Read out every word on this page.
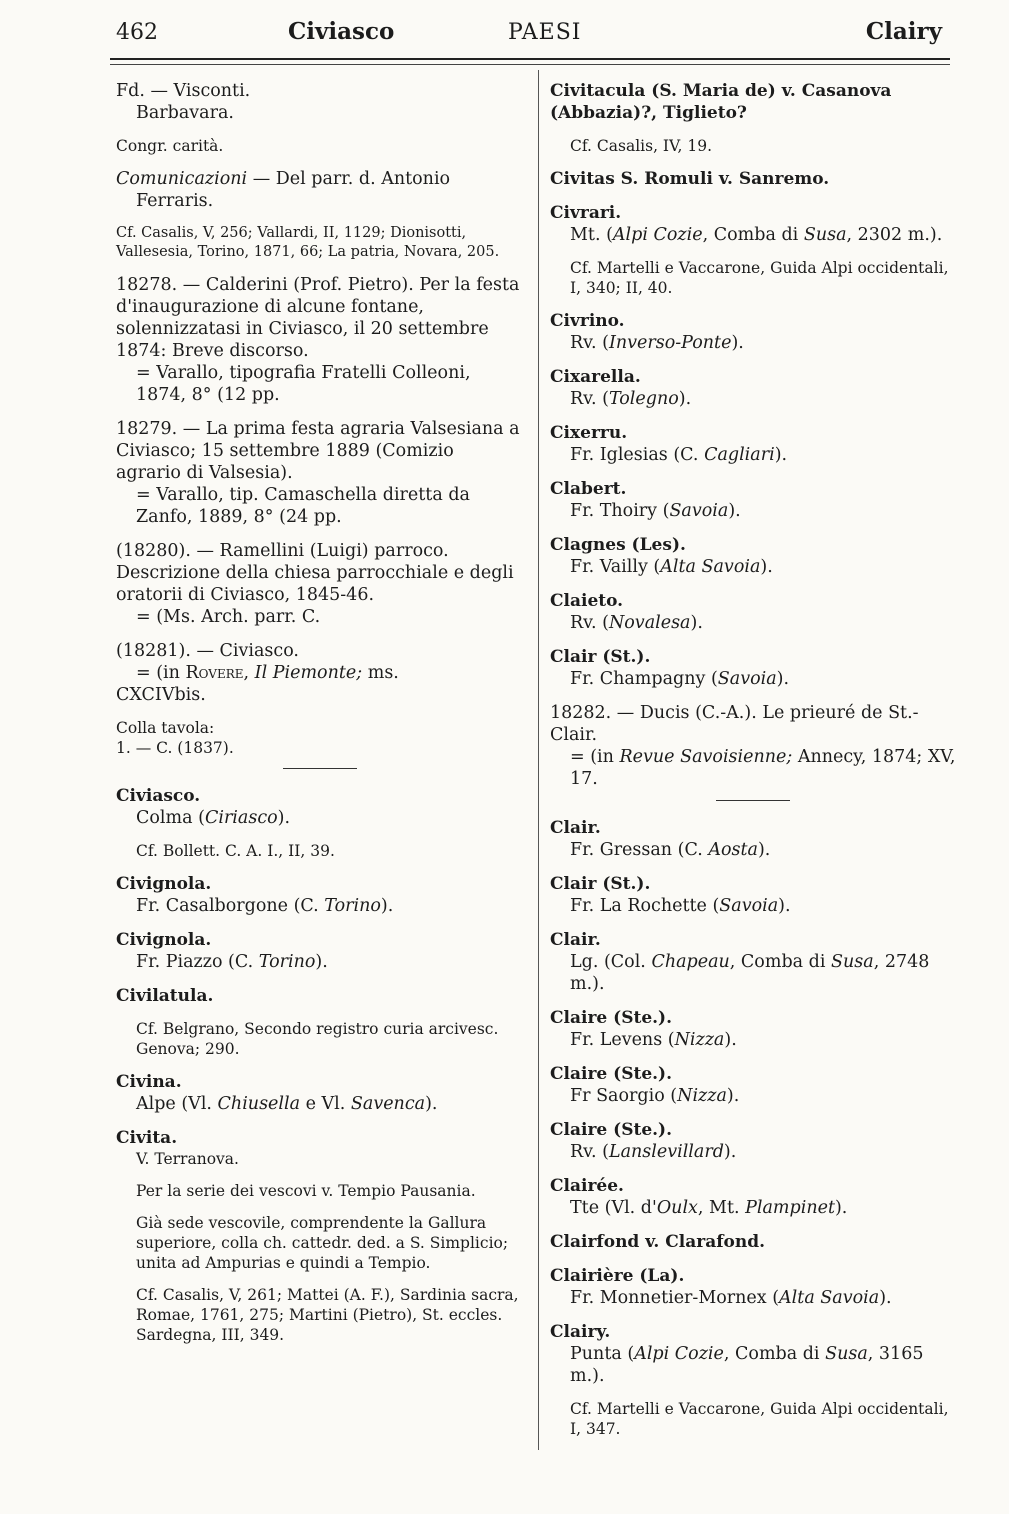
462	Civiasco	PAESI	Clairy
Fd. — Visconti.
Barbavara.
Congr. carità.
Comunicazioni — Del parr. d. Antonio
Ferraris.
Cf. Casalis, V, 256; Vallardi, II, 1129; Dionisotti, Vallesesia, Torino, 1871, 66; La patria, Novara, 205.
18278. — Calderini (Prof. Pietro). Per la festa d'inaugurazione di alcune fontane, solennizzatasi in Civiasco, il 20 settembre 1874: Breve discorso.
= Varallo, tipografia Fratelli Colleoni, 1874, 8° (12 pp.
18279. — La prima festa agraria Valsesiana a Civiasco; 15 settembre 1889 (Comizio agrario di Valsesia).
= Varallo, tip. Camaschella diretta da Zanfo, 1889, 8° (24 pp.
(18280). — Ramellini (Luigi) parroco. Descrizione della chiesa parrocchiale e degli oratorii di Civiasco, 1845-46.
= (Ms. Arch. parr. C.
(18281). — Civiasco.
= (in Rovere, Il Piemonte; ms.
CXCIVbis.
Colla tavola:
1. — C. (1837).
Civiasco.
Colma (Ciriasco).
Cf. Bollett. C. A. I., II, 39.
Civignola.
Fr. Casalborgone (C. Torino).
Civignola.
Fr. Piazzo (C. Torino).
Civilatula.
Cf. Belgrano, Secondo registro curia arcivesc. Genova; 290.
Civina.
Alpe (Vl. Chiusella e Vl. Savenca).
Civita.
V. Terranova.
Per la serie dei vescovi v. Tempio Pausania.
Già sede vescovile, comprendente la Gallura superiore, colla ch. cattedr. ded. a S. Simplicio; unita ad Ampurias e quindi a Tempio.
Cf. Casalis, V, 261; Mattei (A. F.), Sardinia sacra, Romae, 1761, 275; Martini (Pietro), St. eccles. Sardegna, III, 349.
Civitacula (S. Maria de) v. Casanova (Abbazia)?, Tiglieto?
Cf. Casalis, IV, 19.
Civitas S. Romuli v. Sanremo.
Civrari.
Mt. (Alpi Cozie, Comba di Susa, 2302 m.).
Cf. Martelli e Vaccarone, Guida Alpi occidentali, I, 340; II, 40.
Civrino.
Rv. (Inverso-Ponte).
Cixarella.
Rv. (Tolegno).
Cixerru.
Fr. Iglesias (C. Cagliari).
Clabert.
Fr. Thoiry (Savoia).
Clagnes (Les).
Fr. Vailly (Alta Savoia).
Claieto.
Rv. (Novalesa).
Clair (St.).
Fr. Champagny (Savoia).
18282. — Ducis (C.-A.). Le prieuré de St.-Clair.
= (in Revue Savoisienne; Annecy, 1874; XV, 17.
Clair.
Fr. Gressan (C. Aosta).
Clair (St.).
Fr. La Rochette (Savoia).
Clair.
Lg. (Col. Chapeau, Comba di Susa, 2748 m.).
Claire (Ste.).
Fr. Levens (Nizza).
Claire (Ste.).
Fr Saorgio (Nizza).
Claire (Ste.).
Rv. (Lanslevillard).
Clairée.
Tte (Vl. d'Oulx, Mt. Plampinet).
Clairfond v. Clarafond.
Clairière (La).
Fr. Monnetier-Mornex (Alta Savoia).
Clairy.
Punta (Alpi Cozie, Comba di Susa, 3165 m.).
Cf. Martelli e Vaccarone, Guida Alpi occidentali, I, 347.
